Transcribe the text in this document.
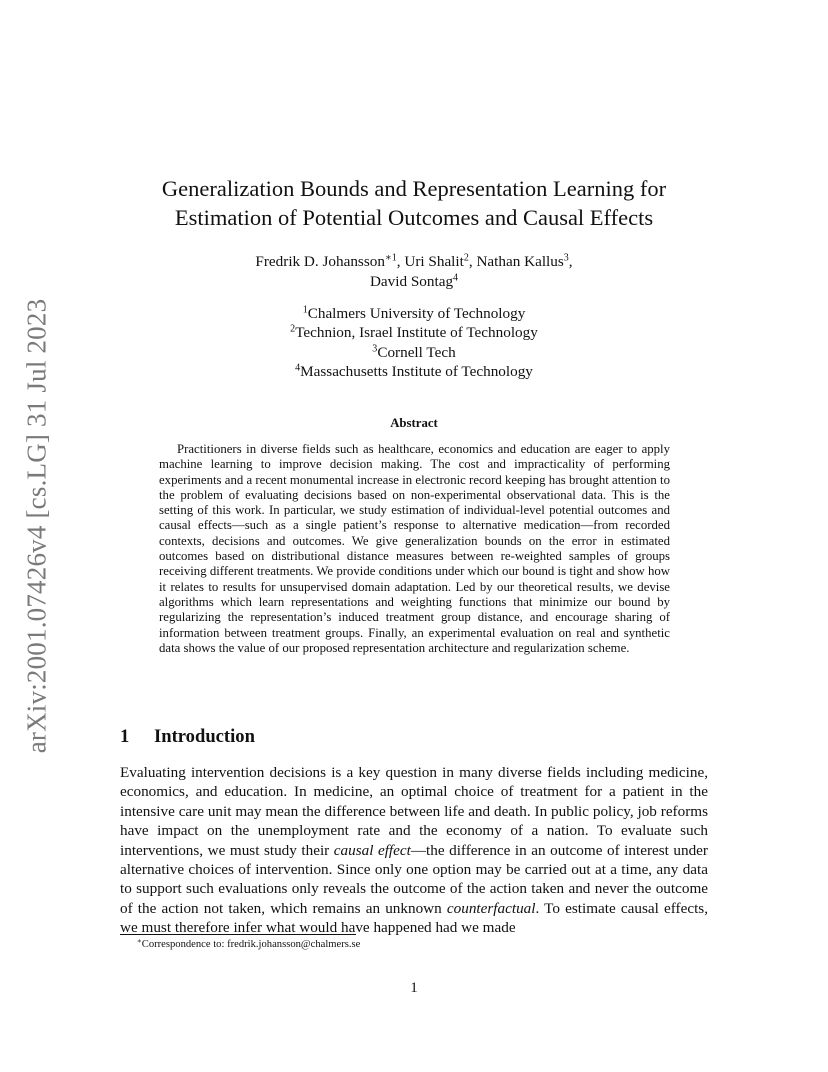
arXiv:2001.07426v4 [cs.LG] 31 Jul 2023
Generalization Bounds and Representation Learning for
Estimation of Potential Outcomes and Causal Effects
Fredrik D. Johansson$^{∗1}$, Uri Shalit$^2$, Nathan Kallus$^3$,
David Sontag$^4$
$^1$Chalmers University of Technology
$^2$Technion, Israel Institute of Technology
$^3$Cornell Tech
$^4$Massachusetts Institute of Technology
Abstract
Practitioners in diverse fields such as healthcare, economics and education are eager to apply machine learning to improve decision making. The cost and impracticality of performing experiments and a recent monumental increase in electronic record keeping has brought attention to the problem of evaluating decisions based on non-experimental observational data. This is the setting of this work. In particular, we study estimation of individual-level potential outcomes and causal effects—such as a single patient’s response to alternative medication—from recorded contexts, decisions and outcomes. We give generalization bounds on the error in estimated outcomes based on distributional distance measures between re-weighted samples of groups receiving different treatments. We provide conditions under which our bound is tight and show how it relates to results for unsupervised domain adaptation. Led by our theoretical results, we devise algorithms which learn representations and weighting functions that minimize our bound by regularizing the representation’s induced treatment group distance, and encourage sharing of information between treatment groups. Finally, an experimental evaluation on real and synthetic data shows the value of our proposed representation architecture and regularization scheme.
1 Introduction
Evaluating intervention decisions is a key question in many diverse fields including medicine, economics, and education. In medicine, an optimal choice of treatment for a patient in the intensive care unit may mean the difference between life and death. In public policy, job reforms have impact on the unemployment rate and the economy of a nation. To evaluate such interventions, we must study their causal effect—the difference in an outcome of interest under alternative choices of intervention. Since only one option may be carried out at a time, any data to support such evaluations only reveals the outcome of the action taken and never the outcome of the action not taken, which remains an unknown counterfactual. To estimate causal effects, we must therefore infer what would have happened had we made
∗Correspondence to: fredrik.johansson@chalmers.se
1
